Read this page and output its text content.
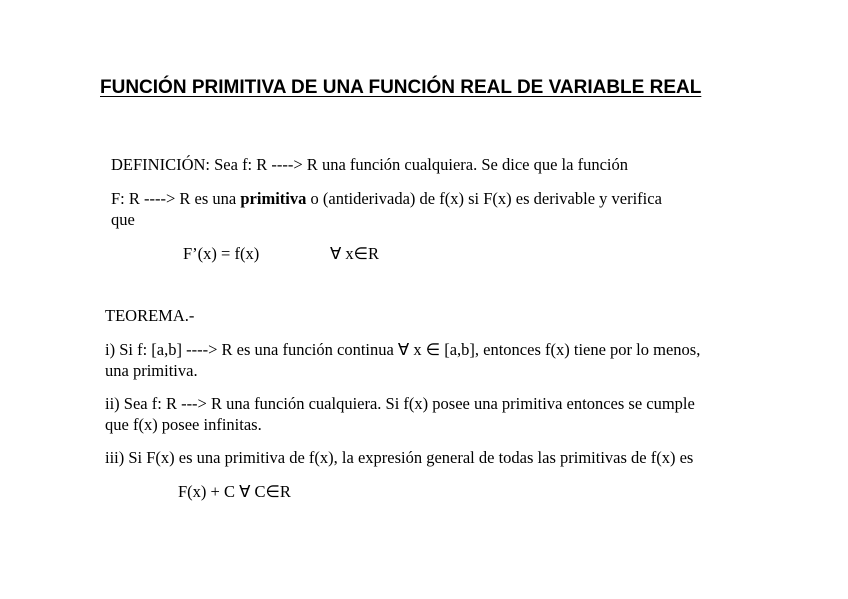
FUNCIÓN PRIMITIVA DE UNA FUNCIÓN REAL DE VARIABLE REAL
DEFINICIÓN: Sea f: R ----> R una función cualquiera. Se dice que la función
F: R ----> R es una primitiva o (antiderivada) de f(x) si F(x) es derivable y verifica
que
F’(x) = f(x)	∀ x∈R
TEOREMA.-
i) Si f: [a,b] ----> R es una función continua ∀ x ∈ [a,b], entonces f(x) tiene por lo menos,
una primitiva.
ii) Sea f: R ---> R una función cualquiera. Si f(x) posee una primitiva entonces se cumple
que f(x) posee infinitas.
iii) Si F(x) es una primitiva de f(x), la expresión general de todas las primitivas de f(x) es
F(x) + C ∀ C∈R
